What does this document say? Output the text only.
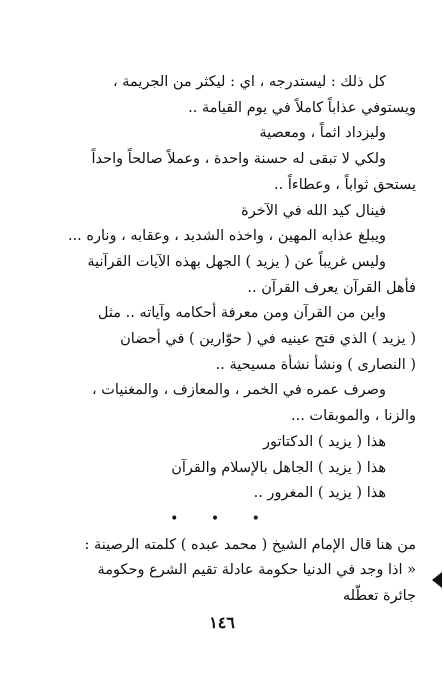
كل ذلك : ليستدرجه ، اي : ليكثر من الجريمة ،
ويستوفي عذاباً كاملاً في يوم القيامة ..
وليزداد اثماً ، ومعصية
ولكي لا تبقى له حسنة واحدة ، وعملاً صالحاً واحداً
يستحق ثواباً ، وعطاءاً ..
فينال كيد الله في الآخرة
ويبلغ عذابه المهين ، واخذه الشديد ، وعقابه ، وناره ...
وليس غريباً عن ( يزيد ) الجهل بهذه الآيات القرآنية
فأهل القرآن يعرف القرآن ..
واين من القرآن ومن معرفة أحكامه وآياته .. مثل
( يزيد ) الذي فتح عينيه في ( حوّارين ) في أحضان
( النصارى ) ونشأ نشأة مسيحية ..
وصرف عمره في الخمر ، والمعازف ، والمغنيات ،
والزنا ، والموبقات ...
هذا ( يزيد ) الدكتاتور
هذا ( يزيد ) الجاهل بالإسلام والقرآن
هذا ( يزيد ) المغرور ..
• • •
من هنا قال الإمام الشيخ ( محمد عبده ) كلمته الرصينة :
« اذا وجد في الدنيا حكومة عادلة تقيم الشرع وحكومة
جائرة تعطّله
١٤٦
